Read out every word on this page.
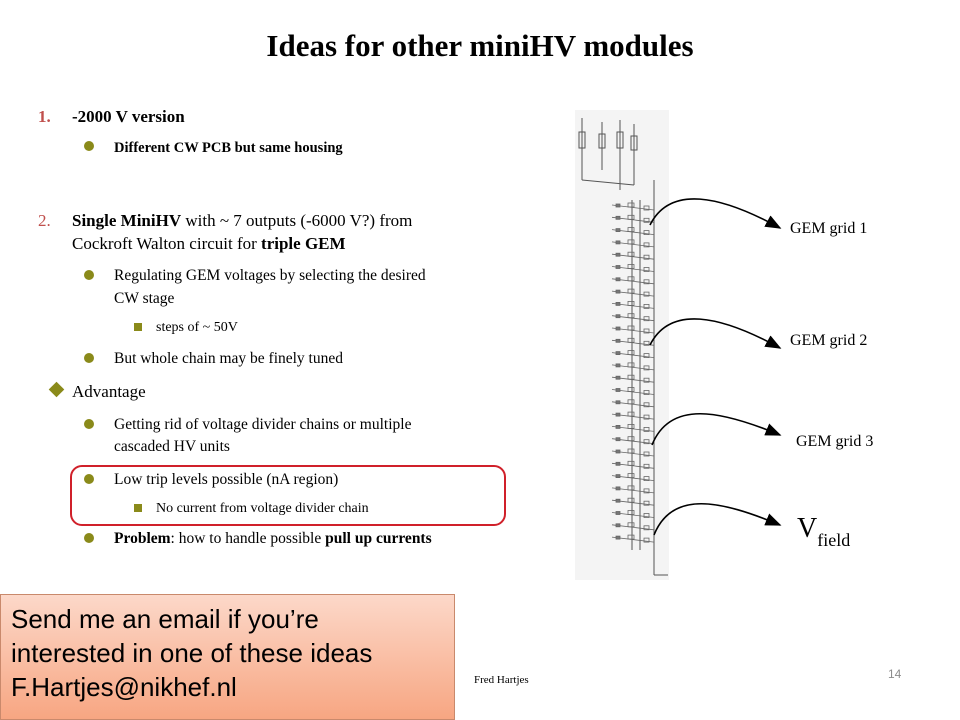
Ideas for other miniHV modules
1. -2000 V version
Different CW PCB but same housing
2. Single MiniHV with ~ 7 outputs (-6000 V?) from
Cockroft Walton circuit for triple GEM
Regulating GEM voltages by selecting the desired
CW stage
steps of ~ 50V
But whole chain may be finely tuned
Advantage
Getting rid of voltage divider chains or multiple
cascaded HV units
Low trip levels possible (nA region)
No current from voltage divider chain
Problem: how to handle possible pull up currents
GEM grid 1
GEM grid 2
GEM grid 3
$V_{field}$
Send me an email if you’re
interested in one of these ideas
F.Hartjes@nikhef.nl	Fred Hartjes	14
